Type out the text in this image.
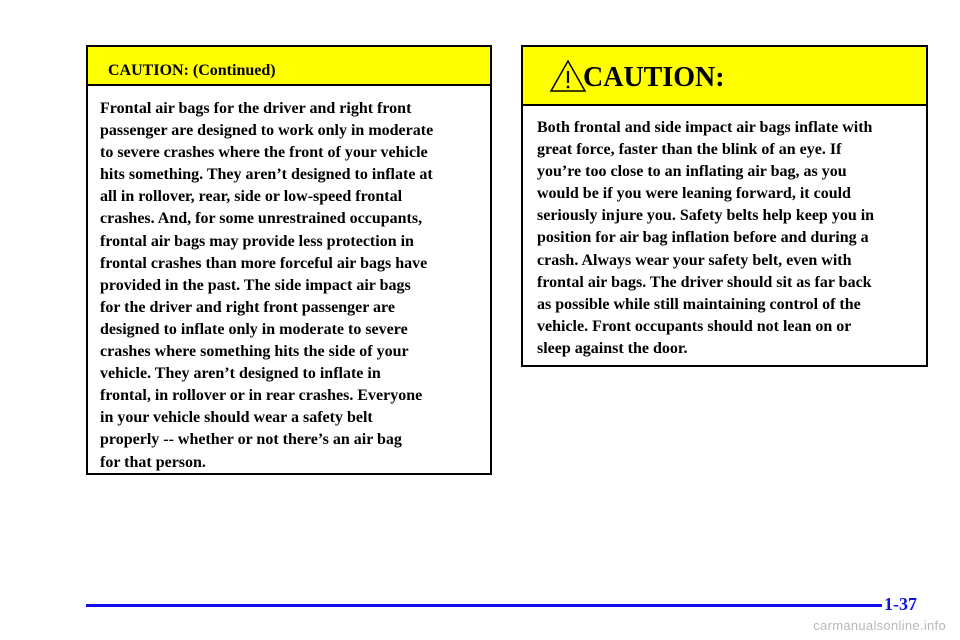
CAUTION: (Continued)
Frontal air bags for the driver and right front
passenger are designed to work only in moderate
to severe crashes where the front of your vehicle
hits something. They aren’t designed to inflate at
all in rollover, rear, side or low-speed frontal
crashes. And, for some unrestrained occupants,
frontal air bags may provide less protection in
frontal crashes than more forceful air bags have
provided in the past. The side impact air bags
for the driver and right front passenger are
designed to inflate only in moderate to severe
crashes where something hits the side of your
vehicle. They aren’t designed to inflate in
frontal, in rollover or in rear crashes. Everyone
in your vehicle should wear a safety belt
properly -- whether or not there’s an air bag
for that person.
CAUTION:
Both frontal and side impact air bags inflate with
great force, faster than the blink of an eye. If
you’re too close to an inflating air bag, as you
would be if you were leaning forward, it could
seriously injure you. Safety belts help keep you in
position for air bag inflation before and during a
crash. Always wear your safety belt, even with
frontal air bags. The driver should sit as far back
as possible while still maintaining control of the
vehicle. Front occupants should not lean on or
sleep against the door.
1-37
carmanualsonline.info
